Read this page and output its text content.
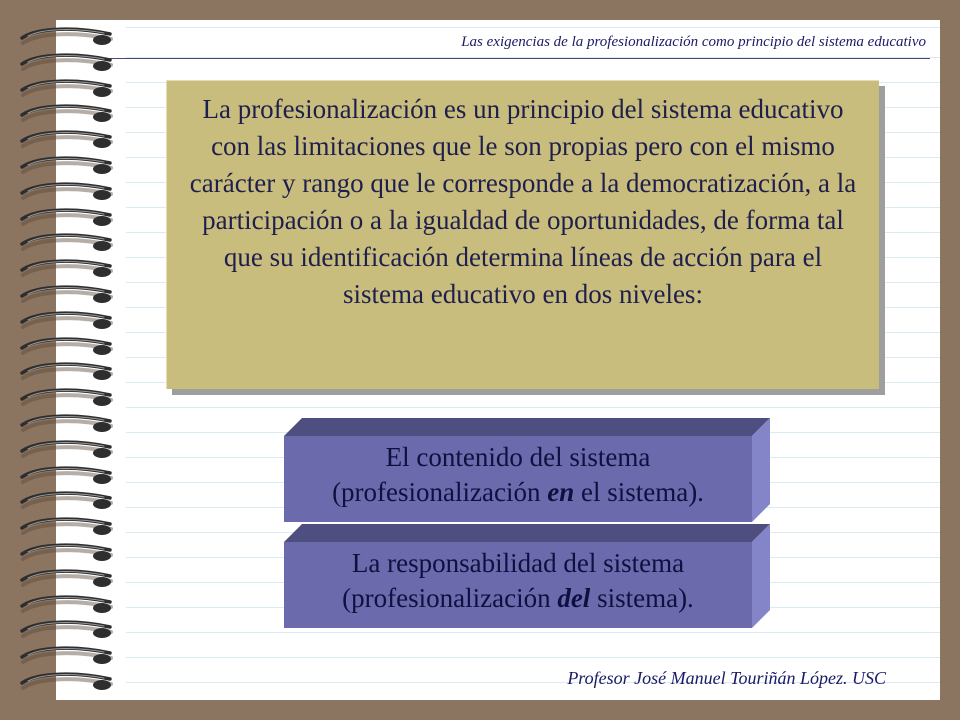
Las exigencias de la profesionalización como principio del sistema educativo
La profesionalización es un principio del sistema educativo con las limitaciones que le son propias pero con el mismo carácter y rango que le corresponde a la democratización, a la participación o a la igualdad de oportunidades, de forma tal que su identificación determina líneas de acción para el sistema educativo en dos niveles:
El contenido del sistema
(profesionalización en el sistema).
La responsabilidad del sistema
(profesionalización del sistema).
Profesor José Manuel Touriñán López. USC
